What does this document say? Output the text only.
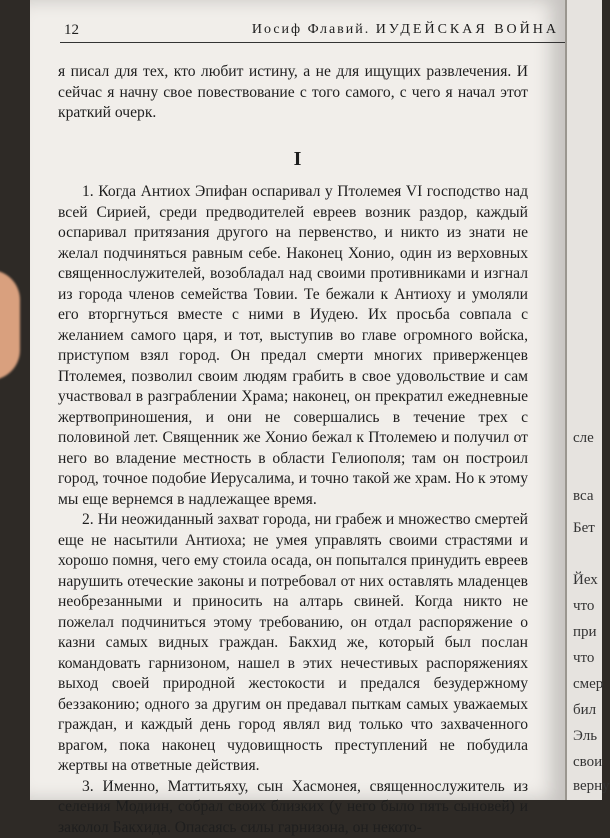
12	Иосиф Флавий. ИУДЕЙСКАЯ ВОЙНА

я писал для тех, кто любит истину, а не для ищущих развлечения. И сейчас я начну свое повествование с того самого, с чего я начал этот краткий очерк.

I

1. Когда Антиох Эпифан оспаривал у Птолемея VI господство над всей Сирией, среди предводителей евреев возник раздор, каждый оспаривал притязания другого на первенство, и никто из знати не желал подчиняться равным себе. Наконец Хонио, один из верховных священнослужителей, возобладал над своими противниками и изгнал из города членов семейства Товии. Те бежали к Антиоху и умоляли его вторгнуться вместе с ними в Иудею. Их просьба совпала с желанием самого царя, и тот, выступив во главе огромного войска, приступом взял город. Он предал смерти многих приверженцев Птолемея, позволил своим людям грабить в свое удовольствие и сам участвовал в разграблении Храма; наконец, он прекратил ежедневные жертвоприношения, и они не совершались в течение трех с половиной лет. Священник же Хонио бежал к Птолемею и получил от него во владение местность в области Гелиополя; там он построил город, точное подобие Иерусалима, и точно такой же храм. Но к этому мы еще вернемся в надлежащее время.

2. Ни неожиданный захват города, ни грабеж и множество смертей еще не насытили Антиоха; не умея управлять своими страстями и хорошо помня, чего ему стоила осада, он попытался принудить евреев нарушить отеческие законы и потребовал от них оставлять младенцев необрезанными и приносить на алтарь свиней. Когда никто не пожелал подчиниться этому требованию, он отдал распоряжение о казни самых видных граждан. Бакхид же, который был послан командовать гарнизоном, нашел в этих нечестивых распоряжениях выход своей природной жестокости и предался безудержному беззаконию; одного за другим он предавал пыткам самых уважаемых граждан, и каждый день город являл вид только что захваченного врагом, пока наконец чудовищность преступлений не побудила жертвы на ответные действия.

3. Именно, Маттитьяху, сын Хасмонея, священнослужитель из селения Модиин, собрал своих близких (у него было пять сыновей) и заколол Бакхида. Опасаясь силы гарнизона, он некото-

сле
вса
Бет
Йех
что
при
что
смер
бил
Эль
свои
верну
